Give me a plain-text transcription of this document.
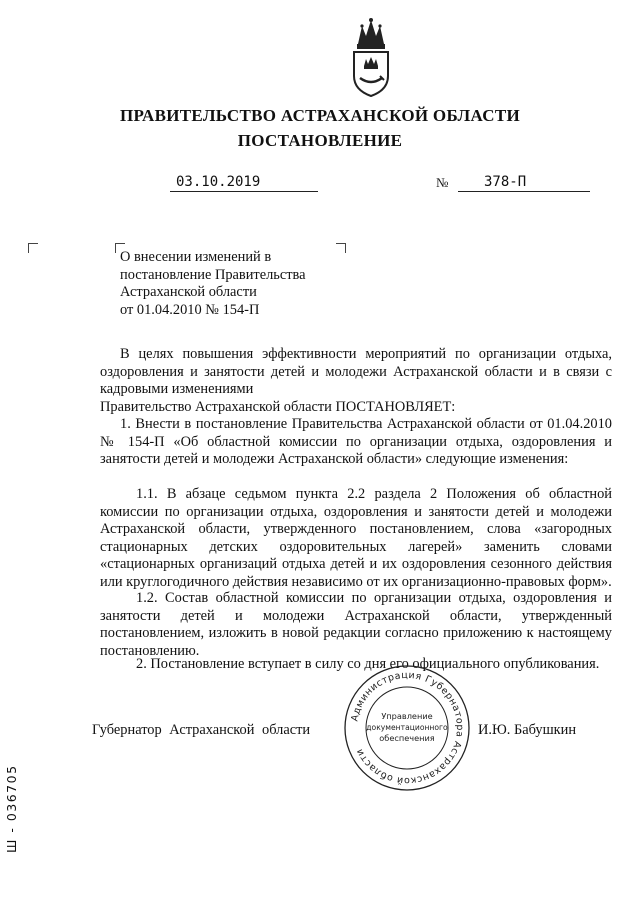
ПРАВИТЕЛЬСТВО АСТРАХАНСКОЙ ОБЛАСТИ
ПОСТАНОВЛЕНИЕ
03.10.2019	№	378-П
О внесении изменений в
постановление Правительства
Астраханской области
от 01.04.2010 № 154-П
В целях повышения эффективности мероприятий по организации отдыха, оздоровления и занятости детей и молодежи Астраханской области и в связи с кадровыми изменениями
Правительство Астраханской области ПОСТАНОВЛЯЕТ:
1. Внести в постановление Правительства Астраханской области от 01.04.2010 № 154-П «Об областной комиссии по организации отдыха, оздоровления и занятости детей и молодежи Астраханской области» следующие изменения:
1.1. В абзаце седьмом пункта 2.2 раздела 2 Положения об областной комиссии по организации отдыха, оздоровления и занятости детей и молодежи Астраханской области, утвержденного постановлением, слова «загородных стационарных детских оздоровительных лагерей» заменить словами «стационарных организаций отдыха детей и их оздоровления сезонного действия или круглогодичного действия независимо от их организационно-правовых форм».
1.2. Состав областной комиссии по организации отдыха, оздоровления и занятости детей и молодежи Астраханской области, утвержденный постановлением, изложить в новой редакции согласно приложению к настоящему постановлению.
2. Постановление вступает в силу со дня его официального опубликования.
Губернатор Астраханской области	И.Ю. Бабушкин
Администрация Губернатора Астраханской области
Управление
документационного
обеспечения
Ш - 036705
